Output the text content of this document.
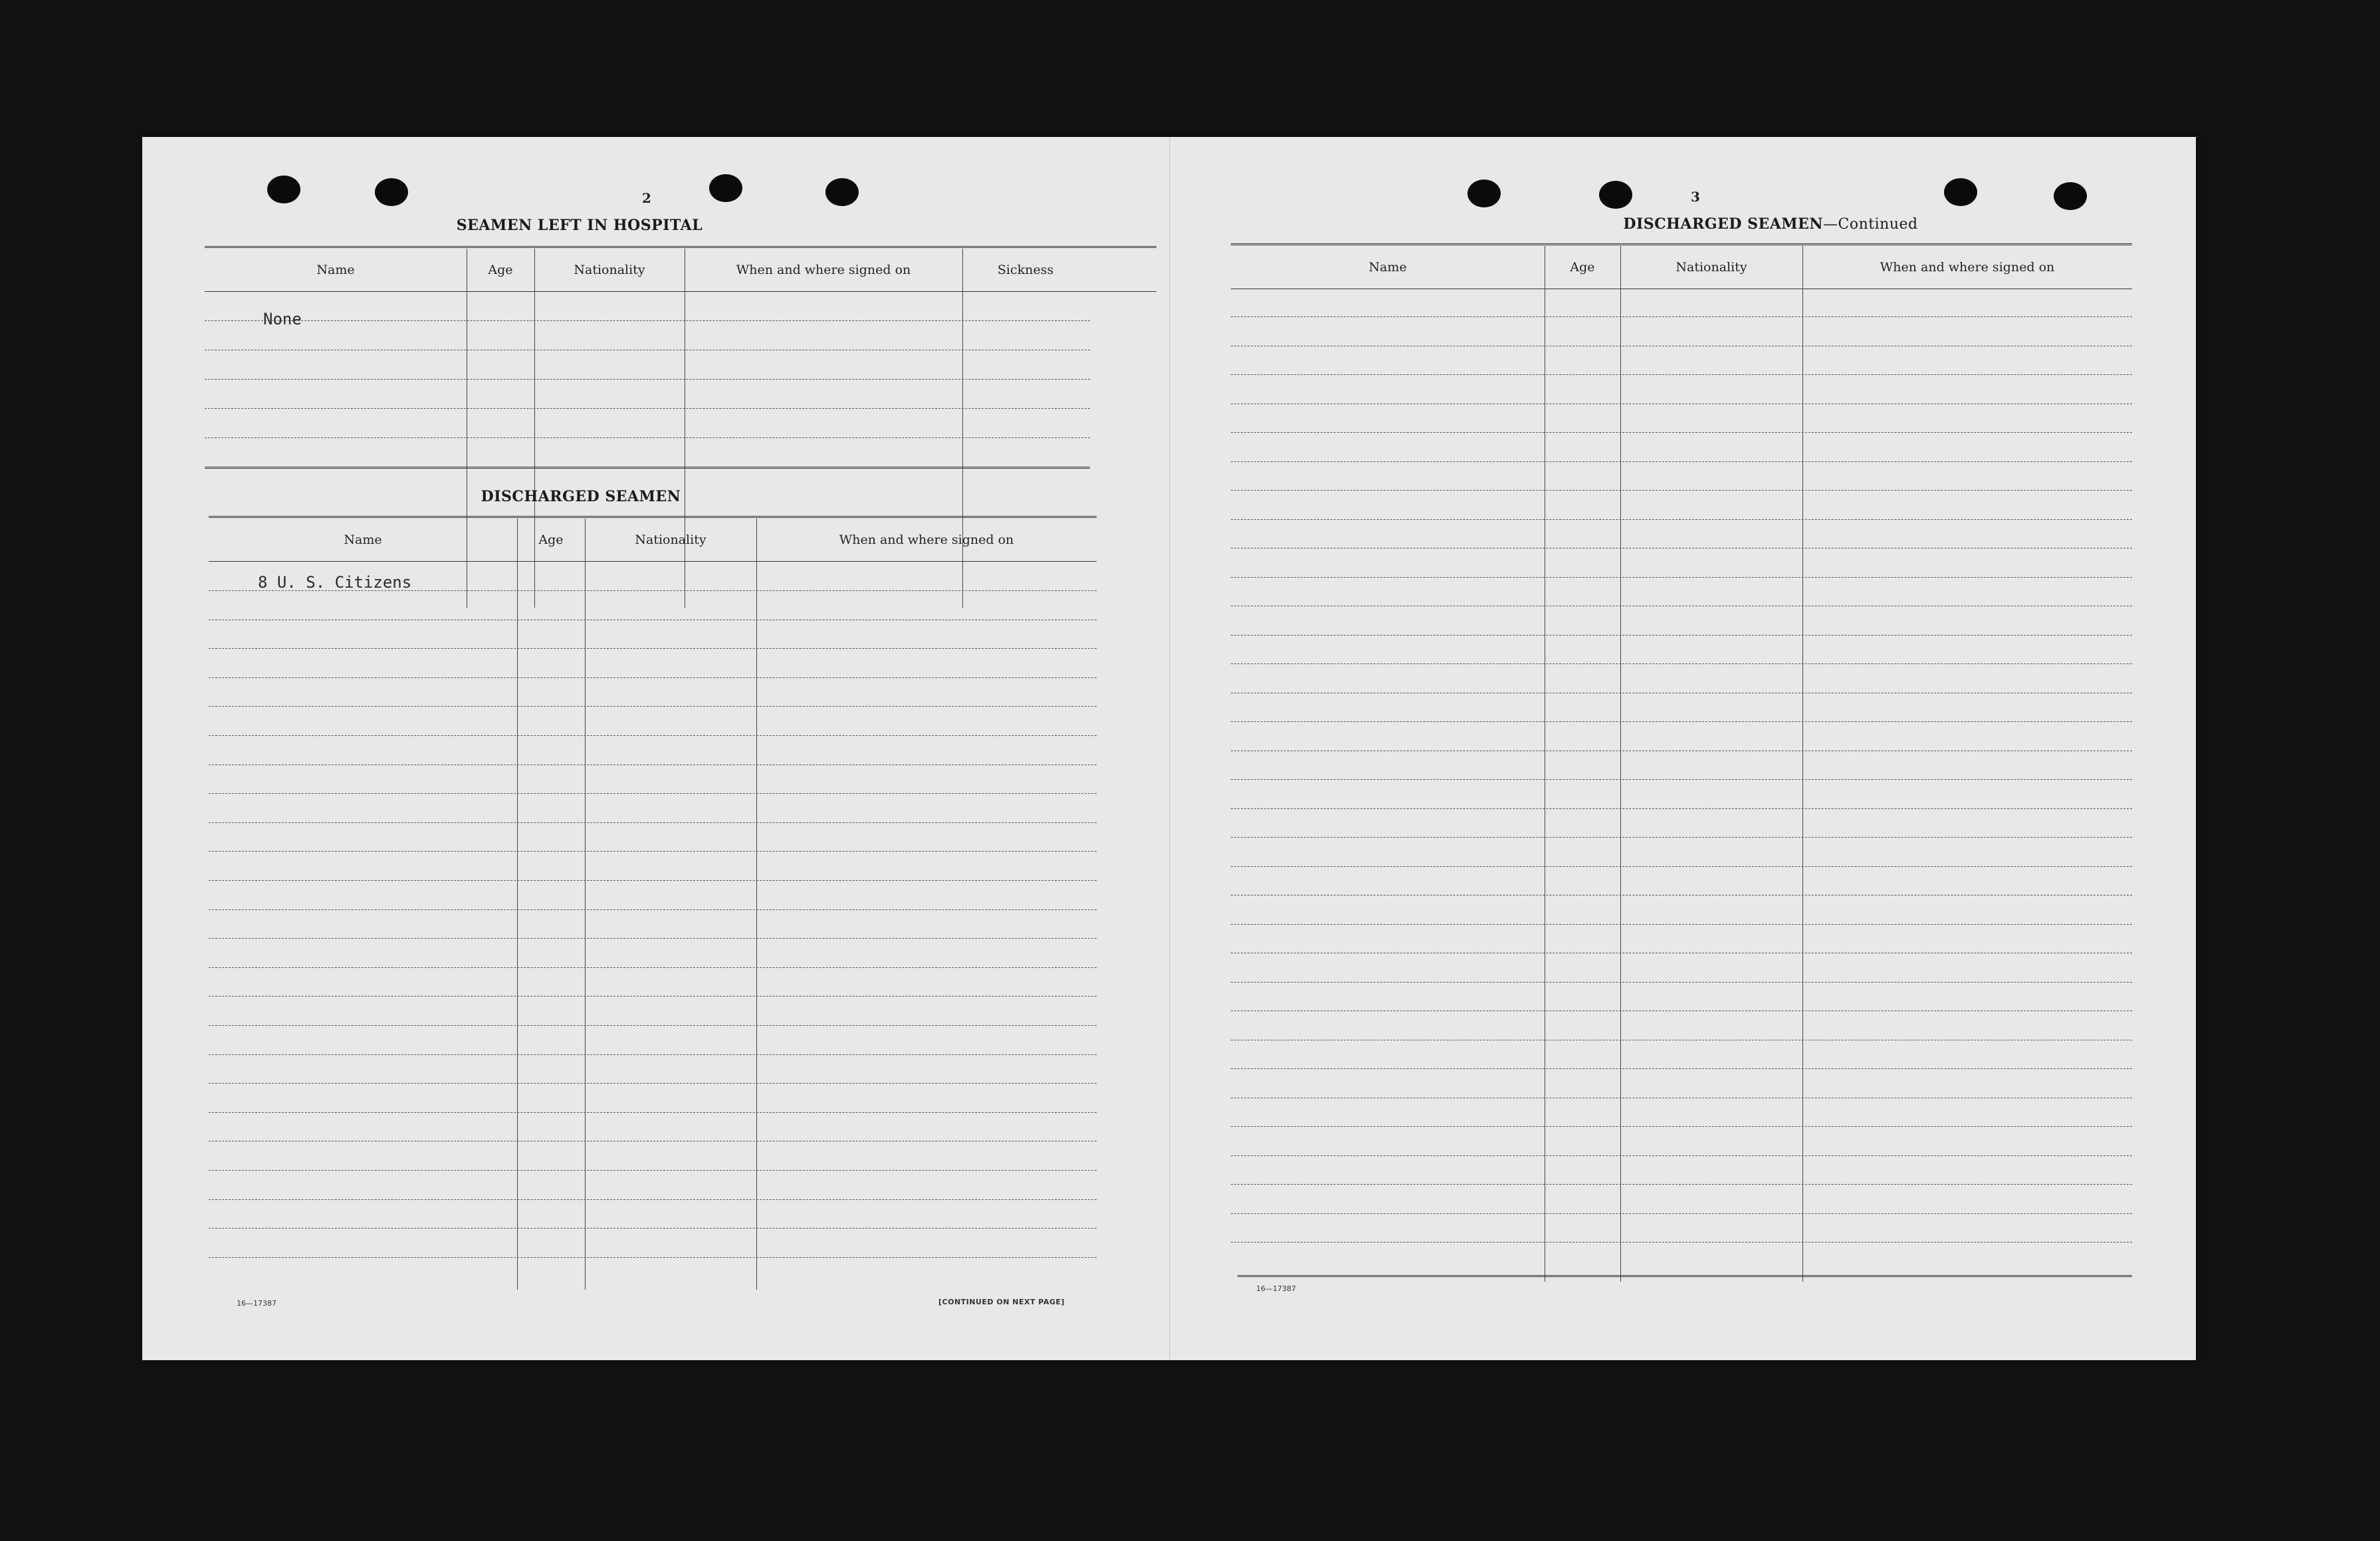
2
SEAMEN LEFT IN HOSPITAL
Name	Age	Nationality	When and where signed on	Sickness
None
DISCHARGED SEAMEN
Name	Age	Nationality	When and where signed on
8 U. S. Citizens
16—17387	[CONTINUED ON NEXT PAGE]
3
DISCHARGED SEAMEN—Continued
Name	Age	Nationality	When and where signed on
16—17387
